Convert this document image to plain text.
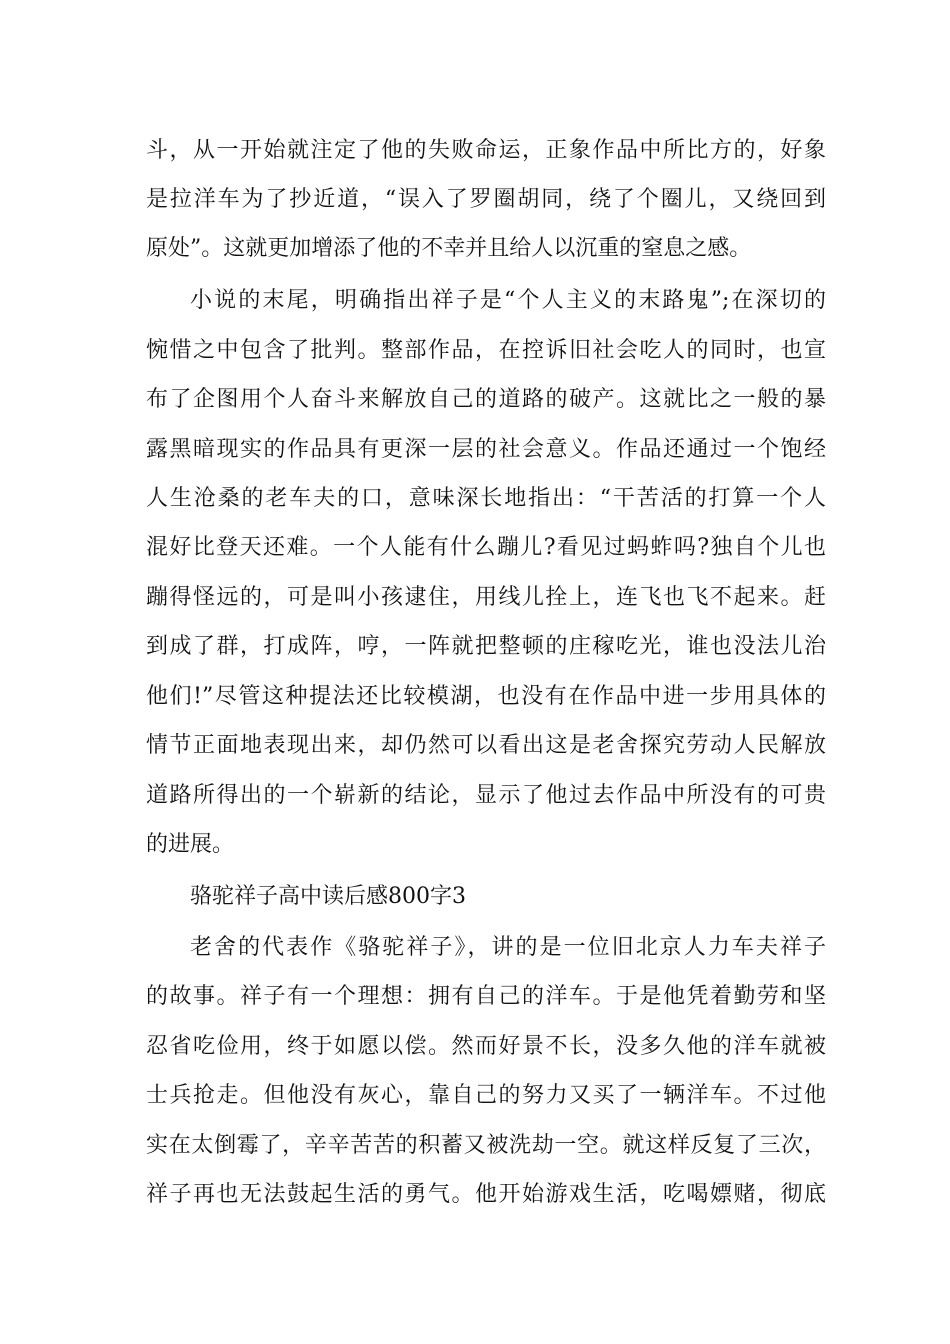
斗，从一开始就注定了他的失败命运，正象作品中所比方的，好象
是拉洋车为了抄近道，“误入了罗圈胡同，绕了个圈儿，又绕回到
原处”。这就更加增添了他的不幸并且给人以沉重的窒息之感。
小说的末尾，明确指出祥子是“个人主义的末路鬼”;在深切的
惋惜之中包含了批判。整部作品，在控诉旧社会吃人的同时，也宣
布了企图用个人奋斗来解放自己的道路的破产。这就比之一般的暴
露黑暗现实的作品具有更深一层的社会意义。作品还通过一个饱经
人生沧桑的老车夫的口，意味深长地指出：“干苦活的打算一个人
混好比登天还难。一个人能有什么蹦儿?看见过蚂蚱吗?独自个儿也
蹦得怪远的，可是叫小孩逮住，用线儿拴上，连飞也飞不起来。赶
到成了群，打成阵，哼，一阵就把整顿的庄稼吃光，谁也没法儿治
他们!”尽管这种提法还比较模湖，也没有在作品中进一步用具体的
情节正面地表现出来，却仍然可以看出这是老舍探究劳动人民解放
道路所得出的一个崭新的结论，显示了他过去作品中所没有的可贵
的进展。
骆驼祥子高中读后感800字3
老舍的代表作《骆驼祥子》，讲的是一位旧北京人力车夫祥子
的故事。祥子有一个理想：拥有自己的洋车。于是他凭着勤劳和坚
忍省吃俭用，终于如愿以偿。然而好景不长，没多久他的洋车就被
士兵抢走。但他没有灰心，靠自己的努力又买了一辆洋车。不过他
实在太倒霉了，辛辛苦苦的积蓄又被洗劫一空。就这样反复了三次，
祥子再也无法鼓起生活的勇气。他开始游戏生活，吃喝嫖赌，彻底
